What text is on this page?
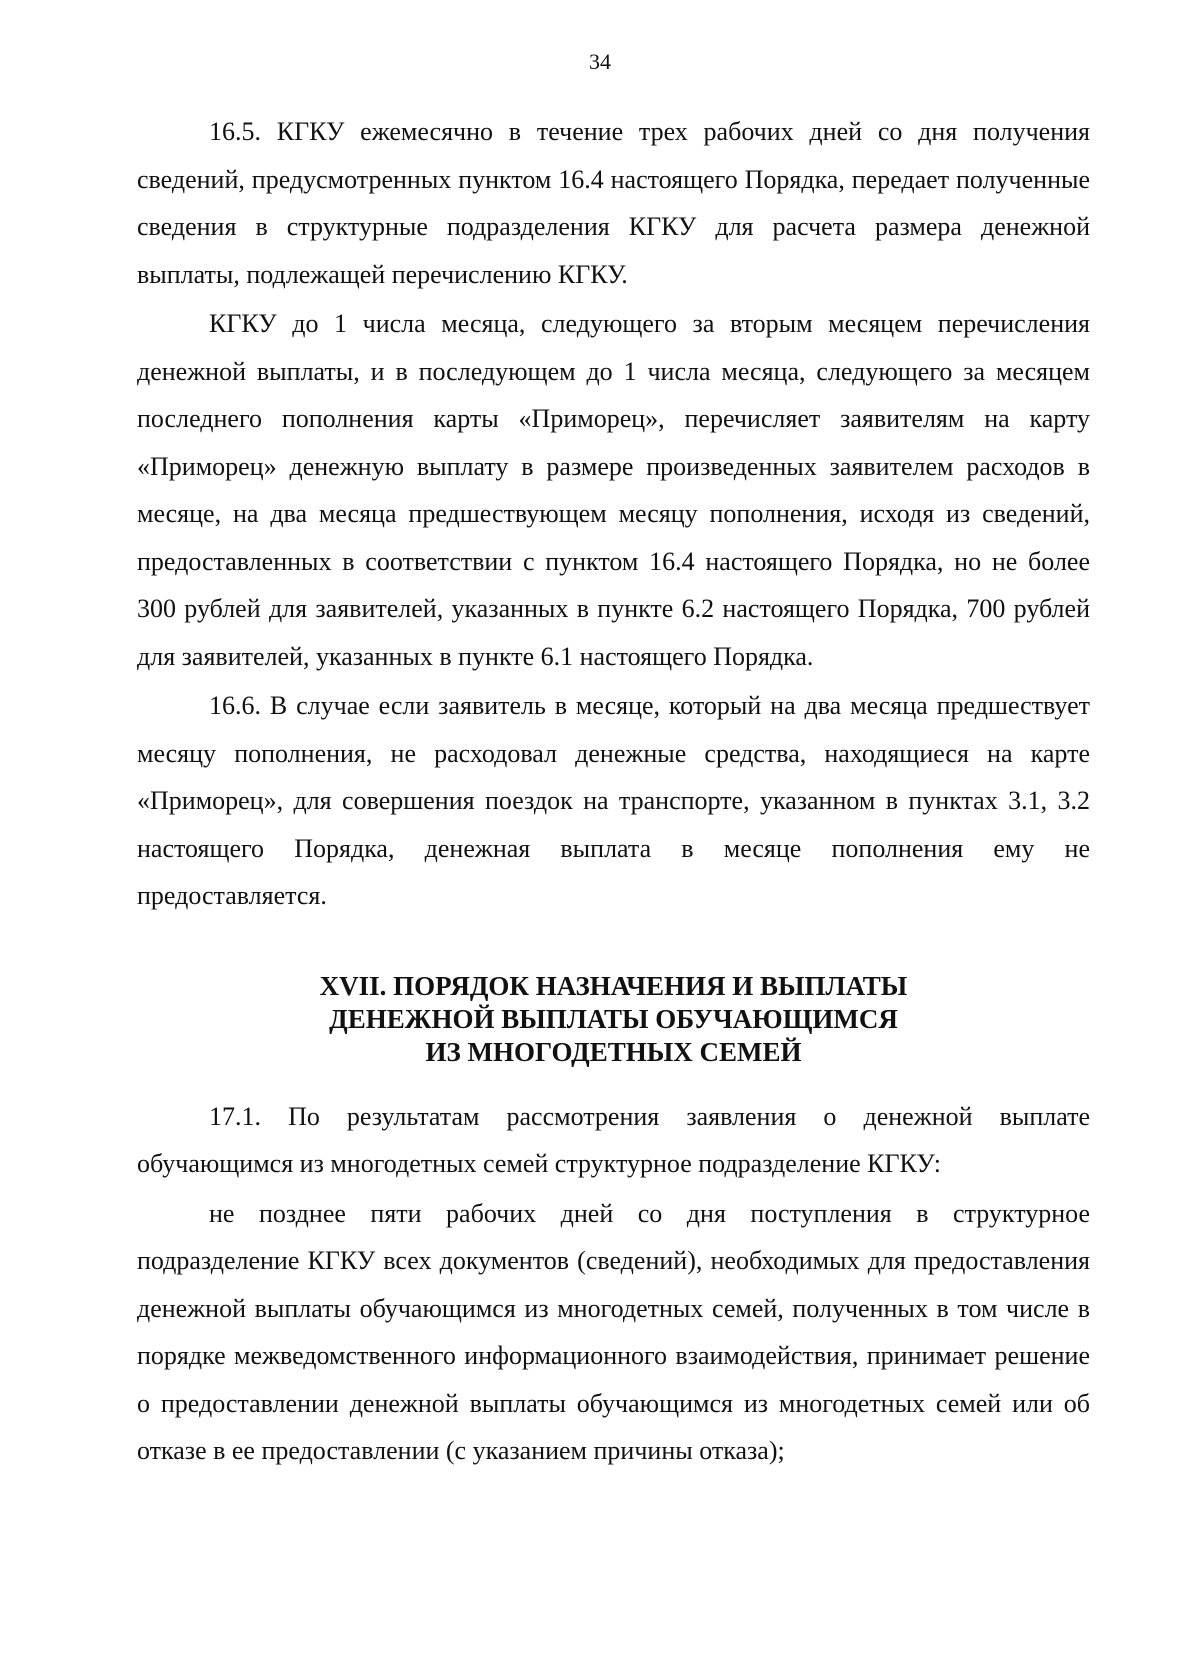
34

16.5. КГКУ ежемесячно в течение трех рабочих дней со дня получения сведений, предусмотренных пунктом 16.4 настоящего Порядка, передает полученные сведения в структурные подразделения КГКУ для расчета размера денежной выплаты, подлежащей перечислению КГКУ.

КГКУ до 1 числа месяца, следующего за вторым месяцем перечисления денежной выплаты, и в последующем до 1 числа месяца, следующего за месяцем последнего пополнения карты «Приморец», перечисляет заявителям на карту «Приморец» денежную выплату в размере произведенных заявителем расходов в месяце, на два месяца предшествующем месяцу пополнения, исходя из сведений, предоставленных в соответствии с пунктом 16.4 настоящего Порядка, но не более 300 рублей для заявителей, указанных в пункте 6.2 настоящего Порядка, 700 рублей для заявителей, указанных в пункте 6.1 настоящего Порядка.

16.6. В случае если заявитель в месяце, который на два месяца предшествует месяцу пополнения, не расходовал денежные средства, находящиеся на карте «Приморец», для совершения поездок на транспорте, указанном в пунктах 3.1, 3.2 настоящего Порядка, денежная выплата в месяце пополнения ему не предоставляется.

XVII. ПОРЯДОК НАЗНАЧЕНИЯ И ВЫПЛАТЫ
ДЕНЕЖНОЙ ВЫПЛАТЫ ОБУЧАЮЩИМСЯ
ИЗ МНОГОДЕТНЫХ СЕМЕЙ

17.1. По результатам рассмотрения заявления о денежной выплате обучающимся из многодетных семей структурное подразделение КГКУ:

не позднее пяти рабочих дней со дня поступления в структурное подразделение КГКУ всех документов (сведений), необходимых для предоставления денежной выплаты обучающимся из многодетных семей, полученных в том числе в порядке межведомственного информационного взаимодействия, принимает решение о предоставлении денежной выплаты обучающимся из многодетных семей или об отказе в ее предоставлении (с указанием причины отказа);
